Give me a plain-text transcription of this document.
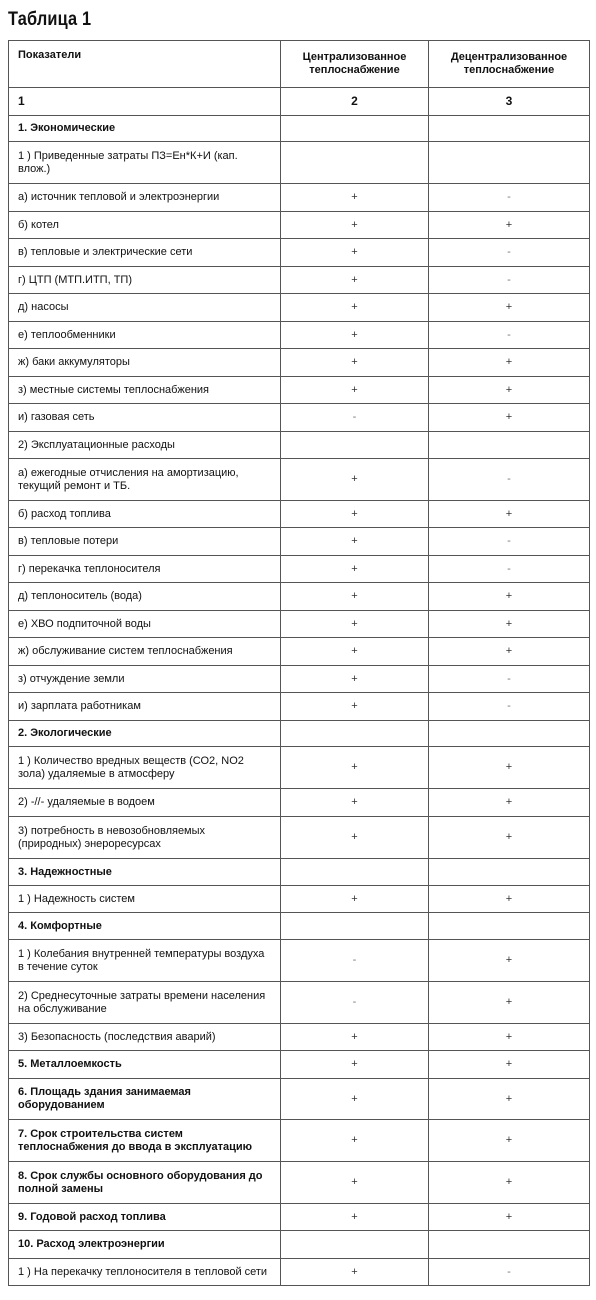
Таблица 1
Показатели	Централизованное теплоснабжение	Децентрализованное теплоснабжение
1	2	3
1. Экономические		
1 ) Приведенные затраты ПЗ=Ен*К+И (кап. влож.)		
а) источник тепловой и электроэнергии	+	-
б) котел	+	+
в) тепловые и электрические сети	+	-
г) ЦТП (МТП.ИТП, ТП)	+	-
д) насосы	+	+
е) теплообменники	+	-
ж) баки аккумуляторы	+	+
з) местные системы теплоснабжения	+	+
и) газовая сеть	-	+
2) Эксплуатационные расходы		
а) ежегодные отчисления на амортизацию, текущий ремонт и ТБ.	+	-
б) расход топлива	+	+
в) тепловые потери	+	-
г) перекачка теплоносителя	+	-
д) теплоноситель (вода)	+	+
е) ХВО подпиточной воды	+	+
ж) обслуживание систем теплоснабжения	+	+
з) отчуждение земли	+	-
и) зарплата работникам	+	-
2. Экологические		
1 ) Количество вредных веществ (СО2, NO2 зола) удаляемые в атмосферу	+	+
2) -//- удаляемые в водоем	+	+
3) потребность в невозобновляемых (природных) энерoресурсах	+	+
3. Надежностные		
1 ) Надежность систем	+	+
4. Комфортные		
1 ) Колебания внутренней температуры воздуха в течение суток	-	+
2) Среднесуточные затраты времени населения на обслуживание	-	+
3) Безопасность (последствия аварий)	+	+
5. Металлоемкость	+	+
6. Площадь здания занимаемая оборудованием	+	+
7. Срок строительства систем теплоснабжения до ввода в эксплуатацию	+	+
8. Срок службы основного оборудования до полной замены	+	+
9. Годовой расход топлива	+	+
10. Расход электроэнергии		
1 ) На перекачку теплоносителя в тепловой сети	+	-
